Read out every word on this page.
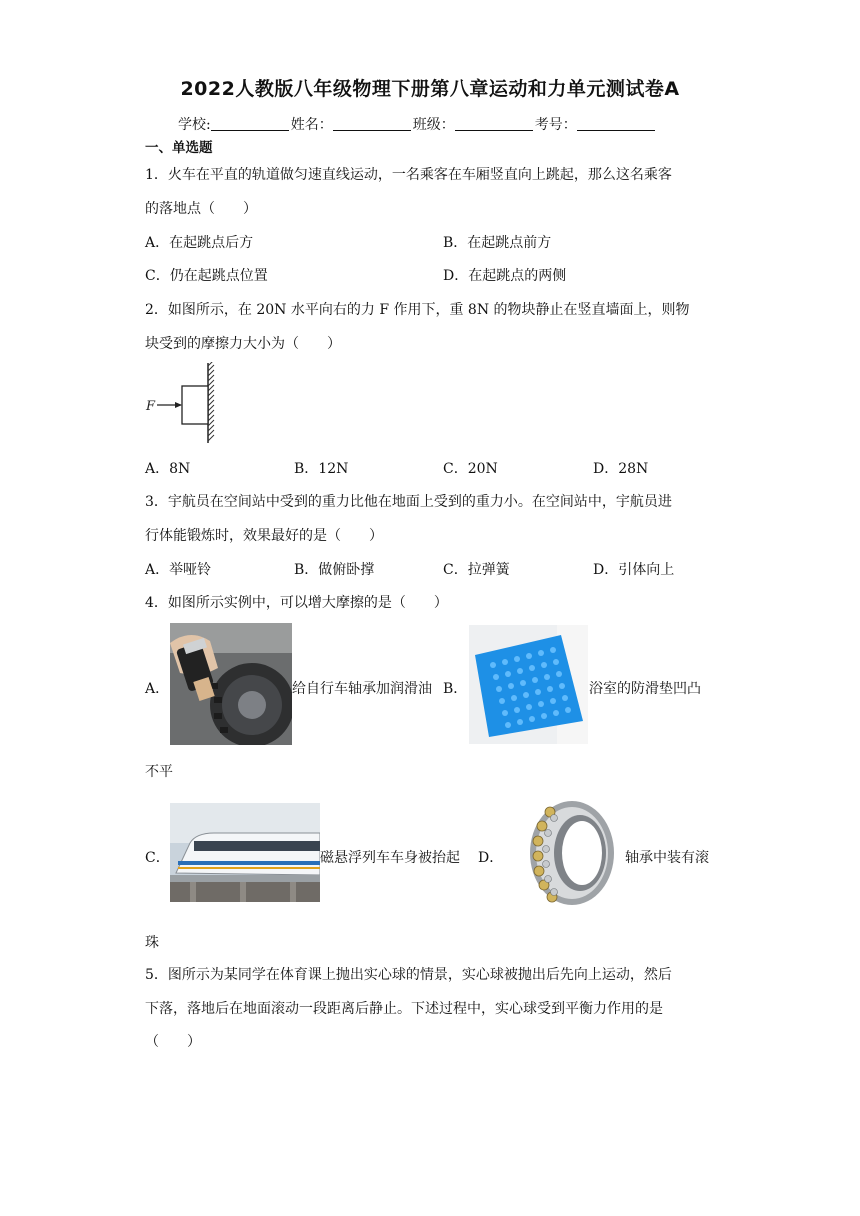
2022人教版八年级物理下册第八章运动和力单元测试卷A
学校:	姓名：	班级：	考号：
一、单选题
1．火车在平直的轨道做匀速直线运动，一名乘客在车厢竖直向上跳起，那么这名乘客
的落地点（　　）
A．在起跳点后方	B．在起跳点前方
C．仍在起跳点位置	D．在起跳点的两侧
2．如图所示，在 20N 水平向右的力 F 作用下，重 8N 的物块静止在竖直墙面上，则物
块受到的摩擦力大小为（　　）
F
A．8N	B．12N	C．20N	D．28N
3．宇航员在空间站中受到的重力比他在地面上受到的重力小。在空间站中，宇航员进
行体能锻炼时，效果最好的是（　　）
A．举哑铃	B．做俯卧撑	C．拉弹簧	D．引体向上
4．如图所示实例中，可以增大摩擦的是（　　）
A．	给自行车轴承加润滑油 B．	浴室的防滑垫凹凸
不平
C．	磁悬浮列车车身被抬起 D．	轴承中装有滚
珠
5．图所示为某同学在体育课上抛出实心球的情景，实心球被抛出后先向上运动，然后
下落，落地后在地面滚动一段距离后静止。下述过程中，实心球受到平衡力作用的是
（　　）
